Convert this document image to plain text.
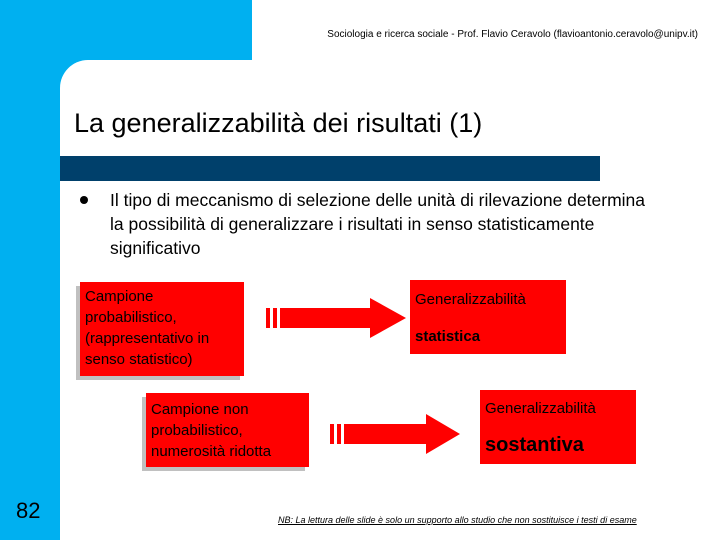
Sociologia e ricerca sociale - Prof. Flavio Ceravolo (flavioantonio.ceravolo@unipv.it)
La generalizzabilità dei risultati (1)
Il tipo di meccanismo di selezione delle unità di rilevazione determina la possibilità di generalizzare i risultati in senso statisticamente significativo
Campione
probabilistico,
(rappresentativo in
senso statistico)
Generalizzabilità
statistica
Campione non
probabilistico,
numerosità ridotta
Generalizzabilità
sostantiva
82	NB: La lettura delle slide è solo un supporto allo studio che non sostituisce i testi di esame
